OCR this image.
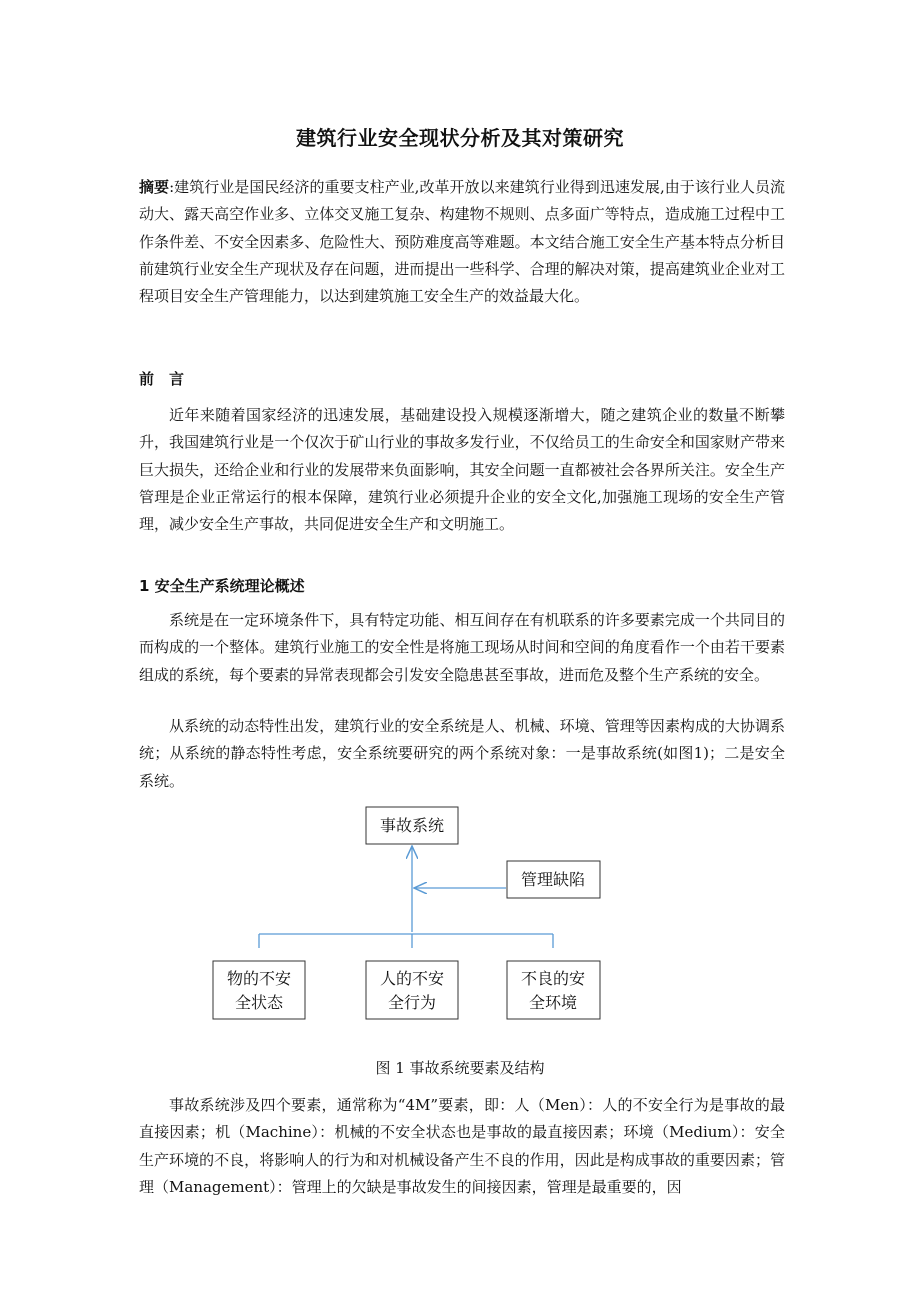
建筑行业安全现状分析及其对策研究

摘要:建筑行业是国民经济的重要支柱产业,改革开放以来建筑行业得到迅速发展,由于该行业人员流动大、露天高空作业多、立体交叉施工复杂、构建物不规则、点多面广等特点，造成施工过程中工作条件差、不安全因素多、危险性大、预防难度高等难题。本文结合施工安全生产基本特点分析目前建筑行业安全生产现状及存在问题，进而提出一些科学、合理的解决对策，提高建筑业企业对工程项目安全生产管理能力，以达到建筑施工安全生产的效益最大化。

前　言

近年来随着国家经济的迅速发展，基础建设投入规模逐渐增大，随之建筑企业的数量不断攀升，我国建筑行业是一个仅次于矿山行业的事故多发行业，不仅给员工的生命安全和国家财产带来巨大损失，还给企业和行业的发展带来负面影响，其安全问题一直都被社会各界所关注。安全生产管理是企业正常运行的根本保障，建筑行业必须提升企业的安全文化,加强施工现场的安全生产管理，减少安全生产事故，共同促进安全生产和文明施工。

1 安全生产系统理论概述

系统是在一定环境条件下，具有特定功能、相互间存在有机联系的许多要素完成一个共同目的而构成的一个整体。建筑行业施工的安全性是将施工现场从时间和空间的角度看作一个由若干要素组成的系统，每个要素的异常表现都会引发安全隐患甚至事故，进而危及整个生产系统的安全。

从系统的动态特性出发，建筑行业的安全系统是人、机械、环境、管理等因素构成的大协调系统；从系统的静态特性考虑，安全系统要研究的两个系统对象：一是事故系统(如图1)；二是安全系统。

事故系统
管理缺陷
物的不安
全状态
人的不安
全行为
不良的安
全环境
图 1 事故系统要素及结构

事故系统涉及四个要素，通常称为“4M”要素，即：人（Men）：人的不安全行为是事故的最直接因素；机（Machine）：机械的不安全状态也是事故的最直接因素；环境（Medium）：安全生产环境的不良，将影响人的行为和对机械设备产生不良的作用，因此是构成事故的重要因素；管理（Management）：管理上的欠缺是事故发生的间接因素，管理是最重要的，因
